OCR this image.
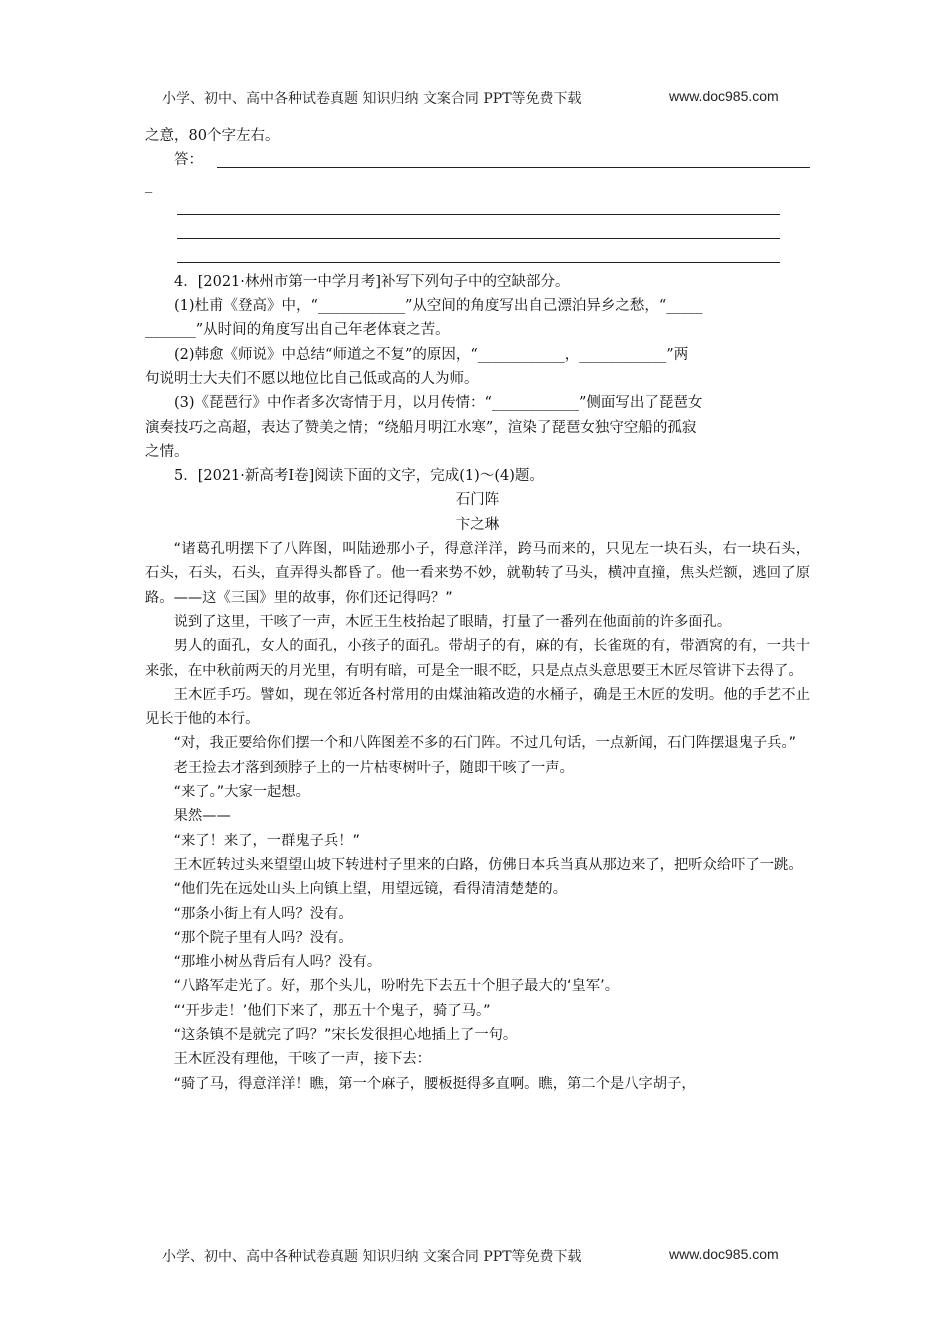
小学、初中、高中各种试卷真题 知识归纳 文案合同 PPT等免费下载	www.doc985.com

之意，80个字左右。

答：
_

4．[2021·林州市第一中学月考]补写下列句子中的空缺部分。

(1)杜甫《登高》中，“____________”从空间的角度写出自己漂泊异乡之愁，“_____

_______”从时间的角度写出自己年老体衰之苦。

(2)韩愈《师说》中总结“师道之不复”的原因，“____________，____________”两

句说明士大夫们不愿以地位比自己低或高的人为师。

(3)《琵琶行》中作者多次寄情于月，以月传情：“____________”侧面写出了琵琶女

演奏技巧之高超，表达了赞美之情；“绕船月明江水寒”，渲染了琵琶女独守空船的孤寂

之情。

5．[2021·新高考Ⅰ卷]阅读下面的文字，完成(1)～(4)题。

石门阵

卞之琳

“诸葛孔明摆下了八阵图，叫陆逊那小子，得意洋洋，跨马而来的，只见左一块石头，右一块石头，石头，石头，石头，直弄得头都昏了。他一看来势不妙，就勒转了马头，横冲直撞，焦头烂额，逃回了原路。——这《三国》里的故事，你们还记得吗？”

说到了这里，干咳了一声，木匠王生枝抬起了眼睛，打量了一番列在他面前的许多面孔。

男人的面孔，女人的面孔，小孩子的面孔。带胡子的有，麻的有，长雀斑的有，带酒窝的有，一共十来张，在中秋前两天的月光里，有明有暗，可是全一眼不眨，只是点点头意思要王木匠尽管讲下去得了。

王木匠手巧。譬如，现在邻近各村常用的由煤油箱改造的水桶子，确是王木匠的发明。他的手艺不止见长于他的本行。

“对，我正要给你们摆一个和八阵图差不多的石门阵。不过几句话，一点新闻，石门阵摆退鬼子兵。”

老王捡去才落到颈脖子上的一片枯枣树叶子，随即干咳了一声。

“来了。”大家一起想。

果然——

“来了！来了，一群鬼子兵！”

王木匠转过头来望望山坡下转进村子里来的白路，仿佛日本兵当真从那边来了，把听众给吓了一跳。

“他们先在远处山头上向镇上望，用望远镜，看得清清楚楚的。

“那条小街上有人吗？没有。

“那个院子里有人吗？没有。

“那堆小树丛背后有人吗？没有。

“八路军走光了。好，那个头儿，吩咐先下去五十个胆子最大的‘皇军’。

“‘开步走！’他们下来了，那五十个鬼子，骑了马。”

“这条镇不是就完了吗？”宋长发很担心地插上了一句。

王木匠没有理他，干咳了一声，接下去：

“骑了马，得意洋洋！瞧，第一个麻子，腰板挺得多直啊。瞧，第二个是八字胡子，

小学、初中、高中各种试卷真题 知识归纳 文案合同 PPT等免费下载	www.doc985.com
